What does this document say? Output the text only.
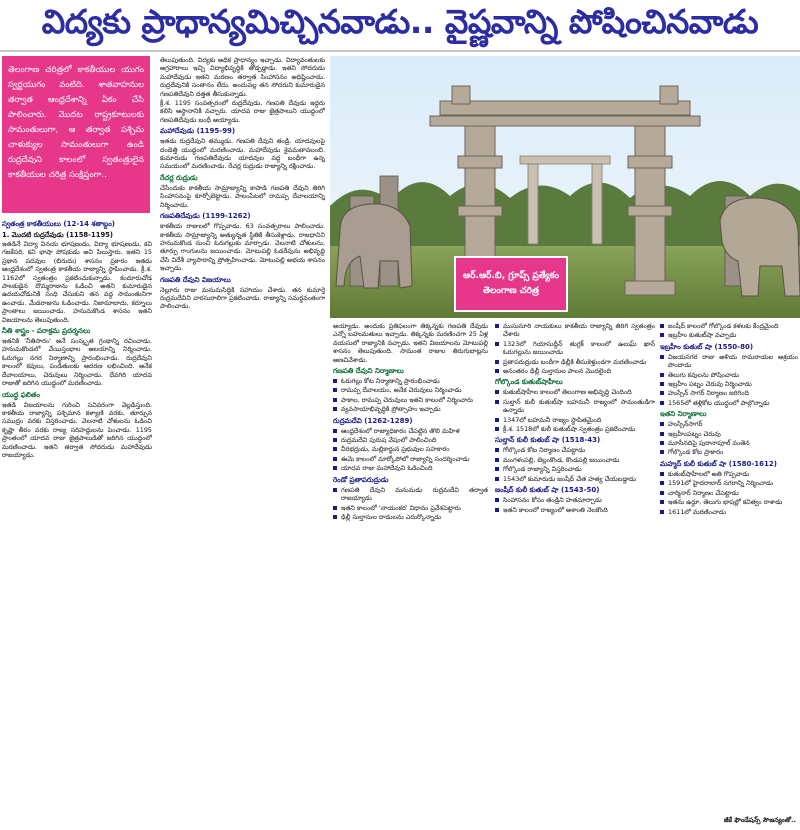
విద్యకు ప్రాధాన్యమిచ్చినవాడు.. వైష్ణవాన్ని పోషించినవాడు
తెలంగాణ చరిత్రలో కాకతీయుల యుగం స్వర్ణయుగం వంటిది. శాతవాహనుల తర్వాత ఆంధ్రదేశాన్ని ఏకం చేసి పాలించారు. మొదట రాష్ట్రకూటులకు సామంతులుగా, ఆ తర్వాత పశ్చిమ చాళుక్యుల సామంతులుగా ఉండి రుద్రదేవుని కాలంలో స్వతంత్రులైన కాకతీయుల చరిత్ర సంక్షిప్తంగా..
స్వతంత్ర కాకతీయులు (12-14 శతాబ్దం)
1. మొదటి రుద్రదేవుడు (1158-1195)

ఇతడినే విద్యా వినయ భూషణుడు, విద్యా భూషణుడు, కవి గజకేసరి, కవి భాషా పోషకుడు అని పిలుస్తారు. ఇతని 15 ప్రథాన పదవుల (బిరుదు) శాసనం ప్రకారం ఇతడు ఆంధ్రదేశంలో స్వతంత్ర కాకతీయ రాజ్యాన్ని స్థాపించాడు. క్రీ.శ. 1162లో స్వతంత్రం ప్రకటించుకున్నాడు. కందూరుచోడ పాలకుడైన దొమ్మరాజును ఓడించి అతని కుమారుడైన ఉదయచోడునికి సంధి చేసుకుని తన వద్ద సామంతునిగా ఉంచాడు. మేడరాజును ఓడించాడు. నిజామాబాదు, కర్నూలు ప్రాంతాలు జయించాడు. హనుమకొండ శాసనం ఇతని విజయాలను తెలుపుతుంది.

నీతి శాస్త్రం - పరాక్రమ ప్రదర్శనలు

ఇతనికి 'నీతిసారం' అనే సంస్కృత గ్రంథాన్ని రచించాడు. హనుమకొండలో వేయిస్తంభాల ఆలయాన్ని నిర్మించాడు. ఓరుగల్లు నగర నిర్మాణాన్ని ప్రారంభించాడు. రుద్రదేవుని కాలంలో కవులు, పండితులకు ఆదరణ లభించింది. అనేక దేవాలయాలు, చెరువులు నిర్మించాడు. దేవగిరి యాదవ రాజుతో జరిగిన యుద్ధంలో మరణించాడు.

యుద్ధ ఫలితం

ఇతడి విజయాలను గురించి సవివరంగా వెల్లడిస్తుంది. కాకతీయ రాజ్యాన్ని పశ్చిమాన కళ్యాణి వరకు, తూర్పున సముద్రం వరకు విస్తరించాడు. వెలనాటి చోళులను ఓడించి కృష్ణా తీరం వరకు రాజ్య సరిహద్దులను పెంచాడు. 1195 ప్రాంతంలో యాదవ రాజు జైత్రపాలుడితో జరిగిన యుద్ధంలో మరణించాడు. ఇతని తర్వాత సోదరుడు మహాదేవుడు రాజయ్యాడు.

తెలుపుతుంది. విద్యకు అధిక ప్రాధాన్యం ఇచ్చాడు. విద్యావంతులకు అగ్రహారాలు ఇచ్చి విద్యాభివృద్ధికి తోడ్పడ్డాడు. ఇతని సోదరుడు మహాదేవుడు ఇతని మరణం తర్వాత సింహాసనం అధిష్టించాడు. రుద్రదేవునికి సంతానం లేదు. అందువల్ల తన సోదరుని కుమారుడైన గణపతిదేవుని దత్తత తీసుకున్నాడు.

క్రీ.శ. 1195 సంవత్సరంలో రుద్రదేవుడు, గణపతి దేవుడు ఇద్దరు కలిసి ఆస్థానానికి వచ్చారు. యాదవ రాజు జైత్రపాలుని యుద్ధంలో గణపతిదేవుడు బంధీ అయ్యాడు.

మహాదేవుడు (1195-99)

ఇతడు రుద్రదేవుని తమ్ముడు. గణపతి దేవుని తండ్రి. యాదవులపై దండెత్తి యుద్ధంలో మరణించాడు. మహాదేవుడు శైవమతావలంబి. కుమారుడు గణపతిదేవుడు యాదవుల వద్ద బంధీగా ఉన్న సమయంలో మరణించాడు. రేచర్ల రుద్రుడు రాజ్యాన్ని రక్షించాడు.

రేచర్ల రుద్రుడు

చేసేందుకు కాకతీయ సామ్రాజ్యాన్ని కాపాడి గణపతి దేవుని తిరిగి సింహాసనంపై కూర్చోబెట్టాడు. పాలంపేటలో రామప్ప దేవాలయాన్ని నిర్మించాడు.

గణపతిదేవుడు (1199-1262)

కాకతీయ రాజులలో గొప్పవాడు. 63 సంవత్సరాలు పాలించాడు. కాకతీయ సామ్రాజ్యాన్ని అత్యున్నత స్థితికి తీసుకెళ్లాడు. రాజధానిని హనుమకొండ నుంచి ఓరుగల్లుకు మార్చాడు. వెలనాటి చోళులను, తూర్పు గాంగులను జయించాడు. మోటుపల్లి ఓడరేవును అభివృద్ధి చేసి విదేశీ వ్యాపారాన్ని ప్రోత్సహించాడు. మోటుపల్లి అభయ శాసనం ఇచ్చాడు.

గణపతి దేవుని విజయాలు

నెల్లూరు రాజు మనుమసిద్ధికి సహాయం చేశాడు. తన కుమార్తె రుద్రమదేవిని వారసురాలిగా ప్రకటించాడు. రాజ్యాన్ని సమర్థవంతంగా పాలించాడు.

ఆర్.ఆర్.బి, గ్రూప్స్ ప్రత్యేకం
తెలంగాణ చరిత్ర

అయ్యాడు. అందుకు ప్రతిఫలంగా తిక్కన్నకు గణపతి దేవుడు ఎన్నో బహుమతులు ఇచ్చాడు. తిక్కన్నకు మరణించగా 25 ఏళ్ల వయసులో రాజ్యానికి వచ్చాడు. ఇతని విజయాలను మోటుపల్లి శాసనం తెలుపుతుంది. సామంత రాజుల తిరుగుబాట్లను అణచివేశాడు.

గణపతి దేవుని నిర్మాణాలు
ఓరుగల్లు కోట నిర్మాణాన్ని ప్రారంభించాడు
రామప్ప దేవాలయం, అనేక చెరువులు నిర్మించాడు
పాకాల, రామప్ప చెరువులు ఇతని కాలంలో నిర్మించారు
వ్యవసాయాభివృద్ధికి ప్రోత్సాహం ఇచ్చాడు
రుద్రమదేవి (1262-1289)
ఆంధ్రదేశంలో రాజ్యాధికారం చేపట్టిన తొలి మహిళ
రుద్రమదేవి పురుష వేషంలో పాలించింది
వీరభద్రుడు, మల్లికార్జున ప్రభువుల సహకారం
ఈమె కాలంలో మార్కోపోలో రాజ్యాన్ని సందర్శించాడు
యాదవ రాజు మహాదేవుని ఓడించింది
రెండో ప్రతాపరుద్రుడు
గణపతి దేవుని మనుమడు రుద్రమదేవి తర్వాత రాజయ్యాడు
ఇతని కాలంలో 'నాయంకర' విధానం ప్రవేశపెట్టారు
ఢిల్లీ సుల్తానుల దాడులను ఎదుర్కొన్నాడు
ముసునూరి నాయకులు కాకతీయ రాజ్యాన్ని తిరిగి స్వతంత్రం చేశారు
1323లో గియాసుద్దీన్ తుగ్లక్ కాలంలో ఉలుఘ్ ఖాన్ ఓరుగల్లును జయించాడు
ప్రతాపరుద్రుడు బందీగా ఢిల్లీకి తీసుకెళ్తుండగా మరణించాడు
అనంతరం ఢిల్లీ సుల్తానుల పాలన మొదలైంది
గోల్కొండ కుతుబ్‌షాహీలు
కుతుబ్‌షాహీల కాలంలో తెలంగాణ అభివృద్ధి చెందింది
సుల్తాన్ కులీ కుతుబ్‌షా బహమనీ రాజ్యంలో సామంతుడిగా ఉన్నాడు
1347లో బహమనీ రాజ్యం స్థాపితమైంది
క్రీ.శ. 1518లో కులీ కుతుబ్‌షా స్వతంత్రం ప్రకటించాడు
సుల్తాన్ కులీ కుతుబ్ షా (1518-43)
గోల్కొండ కోట నిర్మాణం చేపట్టాడు
మంగళంపల్లి, బెల్లంకొండ, కొండపల్లి జయించాడు
గోల్కొండ రాజ్యాన్ని విస్తరించాడు
1543లో కుమారుడు జంషీద్ చేత హత్య చేయబడ్డాడు
జంషీద్ కులీ కుతుబ్ షా (1543-50)
సింహాసనం కోసం తండ్రిని హతమార్చాడు
ఇతని కాలంలో రాజ్యంలో అశాంతి నెలకొంది
జంషీద్ కాలంలో గోల్కొండ కళలకు కేంద్రమైంది
ఇబ్రహీం కుతుబ్‌షా వచ్చాడు
ఇబ్రహీం కుతుబ్ షా (1550-80)
విజయనగర రాజు అళియ రామరాయల ఆశ్రయం పొందాడు
తెలుగు కవులను పోషించాడు
ఇబ్రహీం పట్నం చెరువు నిర్మించాడు
హుస్సేన్ సాగర్ నిర్మాణం జరిగింది
1565లో తళ్లికోట యుద్ధంలో పాల్గొన్నాడు
ఇతని నిర్మాణాలు
హుస్సేన్‌సాగర్
ఇబ్రహీంపట్నం చెరువు
మూసీనదిపై పురానాపూల్ వంతెన
గోల్కొండ కోట ప్రాకారం
మహ్మద్ కులీ కుతుబ్ షా (1580-1612)
కుతుబ్‌షాహీలలో అతి గొప్పవాడు
1591లో హైదరాబాద్ నగరాన్ని నిర్మించాడు
చార్మినార్ నిర్మాణం చేపట్టాడు
ఇతను ఉర్దూ, తెలుగు భాషల్లో కవిత్వం రాశాడు
1611లో మరణించాడు
జీకే ఫౌండేషన్స్ సౌజన్యంతో..
